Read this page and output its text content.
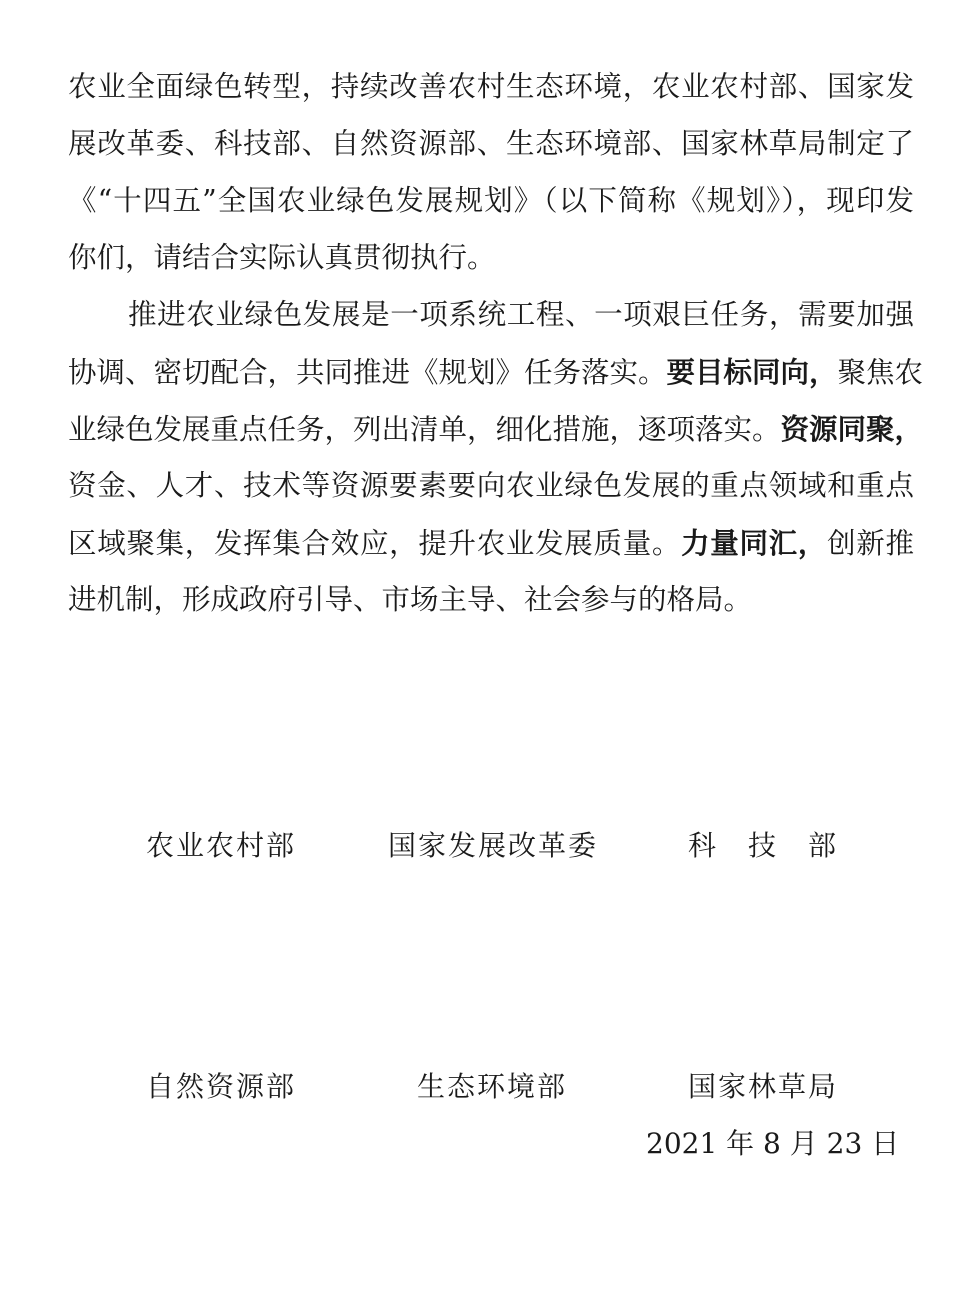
农业全面绿色转型，持续改善农村生态环境，农业农村部、国家发
展改革委、科技部、自然资源部、生态环境部、国家林草局制定了
《“十四五”全国农业绿色发展规划》（以下简称《规划》），现印发
你们，请结合实际认真贯彻执行。
推进农业绿色发展是一项系统工程、一项艰巨任务，需要加强
协调、密切配合，共同推进《规划》任务落实。要目标同向，聚焦农
业绿色发展重点任务，列出清单，细化措施，逐项落实。资源同聚，
资金、人才、技术等资源要素要向农业绿色发展的重点领域和重点
区域聚集，发挥集合效应，提升农业发展质量。力量同汇，创新推
进机制，形成政府引导、市场主导、社会参与的格局。
农业农村部	国家发展改革委	科　技　部
自然资源部	生态环境部	国家林草局
2021 年 8 月 23 日
